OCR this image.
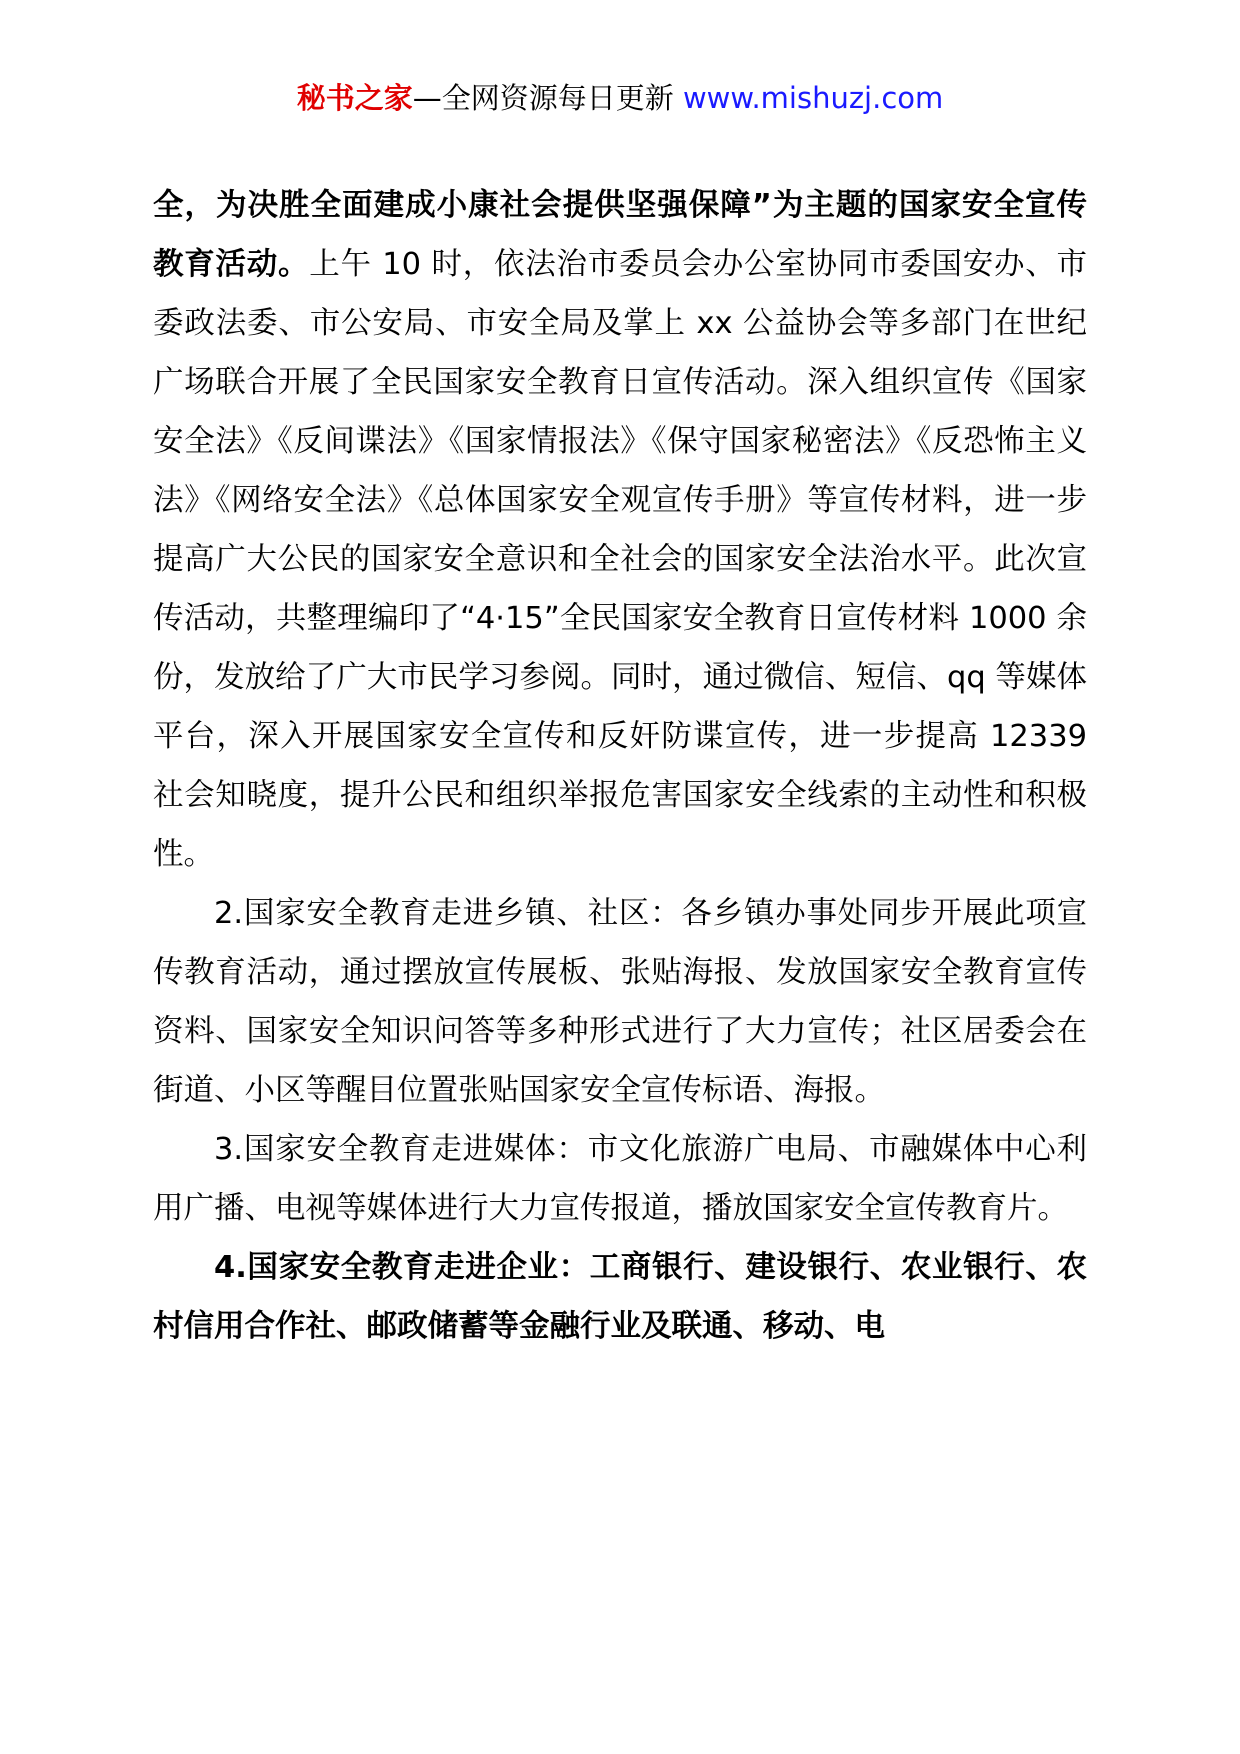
秘书之家—全网资源每日更新 www.mishuzj.com

全，为决胜全面建成小康社会提供坚强保障”为主题的国家安全宣传教育活动。上午 10 时，依法治市委员会办公室协同市委国安办、市委政法委、市公安局、市安全局及掌上 xx 公益协会等多部门在世纪广场联合开展了全民国家安全教育日宣传活动。深入组织宣传《国家安全法》《反间谍法》《国家情报法》《保守国家秘密法》《反恐怖主义法》《网络安全法》《总体国家安全观宣传手册》等宣传材料，进一步提高广大公民的国家安全意识和全社会的国家安全法治水平。此次宣传活动，共整理编印了“4·15”全民国家安全教育日宣传材料 1000 余份，发放给了广大市民学习参阅。同时，通过微信、短信、qq 等媒体平台，深入开展国家安全宣传和反奸防谍宣传，进一步提高 12339 社会知晓度，提升公民和组织举报危害国家安全线索的主动性和积极性。

2.国家安全教育走进乡镇、社区：各乡镇办事处同步开展此项宣传教育活动，通过摆放宣传展板、张贴海报、发放国家安全教育宣传资料、国家安全知识问答等多种形式进行了大力宣传；社区居委会在街道、小区等醒目位置张贴国家安全宣传标语、海报。

3.国家安全教育走进媒体：市文化旅游广电局、市融媒体中心利用广播、电视等媒体进行大力宣传报道，播放国家安全宣传教育片。

4.国家安全教育走进企业：工商银行、建设银行、农业银行、农村信用合作社、邮政储蓄等金融行业及联通、移动、电
